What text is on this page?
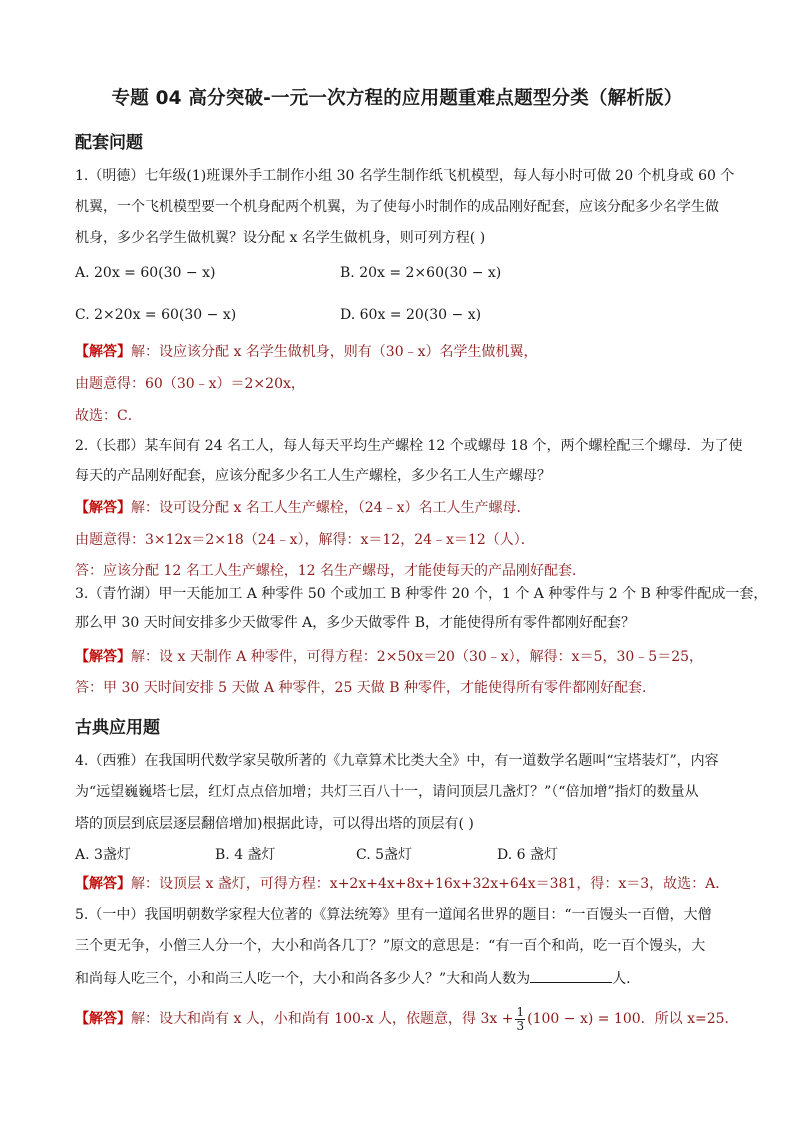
专题 04 高分突破-一元一次方程的应用题重难点题型分类（解析版）
配套问题
1.（明德）七年级(1)班课外手工制作小组 30 名学生制作纸飞机模型，每人每小时可做 20 个机身或 60 个
机翼，一个飞机模型要一个机身配两个机翼，为了使每小时制作的成品刚好配套，应该分配多少名学生做
机身，多少名学生做机翼？设分配 x 名学生做机身，则可列方程( )
A. 20x = 60(30 − x)	B. 20x = 2×60(30 − x)
C. 2×20x = 60(30 − x)	D. 60x = 20(30 − x)
【解答】解：设应该分配 x 名学生做机身，则有（30﹣x）名学生做机翼，
由题意得：60（30﹣x）＝2×20x，
故选：C．
2.（长郡）某车间有 24 名工人，每人每天平均生产螺栓 12 个或螺母 18 个，两个螺栓配三个螺母．为了使
每天的产品刚好配套，应该分配多少名工人生产螺栓，多少名工人生产螺母？
【解答】解：设可设分配 x 名工人生产螺栓，（24﹣x）名工人生产螺母．
由题意得：3×12x＝2×18（24﹣x），解得：x＝12，24﹣x＝12（人）．
答：应该分配 12 名工人生产螺栓，12 名生产螺母，才能使每天的产品刚好配套．
3.（青竹湖）甲一天能加工 A 种零件 50 个或加工 B 种零件 20 个，1 个 A 种零件与 2 个 B 种零件配成一套，
那么甲 30 天时间安排多少天做零件 A，多少天做零件 B，才能使得所有零件都刚好配套？
【解答】解：设 x 天制作 A 种零件，可得方程：2×50x＝20（30﹣x），解得：x＝5，30﹣5＝25，
答：甲 30 天时间安排 5 天做 A 种零件，25 天做 B 种零件，才能使得所有零件都刚好配套．
古典应用题
4.（西雅）在我国明代数学家吴敬所著的《九章算术比类大全》中，有一道数学名题叫“宝塔装灯”，内容
为“远望巍巍塔七层，红灯点点倍加增；共灯三百八十一，请问顶层几盏灯？”（“倍加增”指灯的数量从
塔的顶层到底层逐层翻倍增加)根据此诗，可以得出塔的顶层有( )
A. 3盏灯	B. 4 盏灯	C. 5盏灯	D. 6 盏灯
【解答】解：设顶层 x 盏灯，可得方程：x+2x+4x+8x+16x+32x+64x＝381，得：x＝3，故选：A．
5.（一中）我国明朝数学家程大位著的《算法统筹》里有一道闻名世界的题目：“一百馒头一百僧，大僧
三个更无争，小僧三人分一个，大小和尚各几丁？”原文的意思是：“有一百个和尚，吃一百个馒头，大
和尚每人吃三个，小和尚三人吃一个，大小和尚各多少人？”大和尚人数为	人.
【解答】解：设大和尚有 x 人，小和尚有 100-x 人，依题意，得 $3x + \frac{1}{3} (100 - x) = 100$．所以 x=25．
